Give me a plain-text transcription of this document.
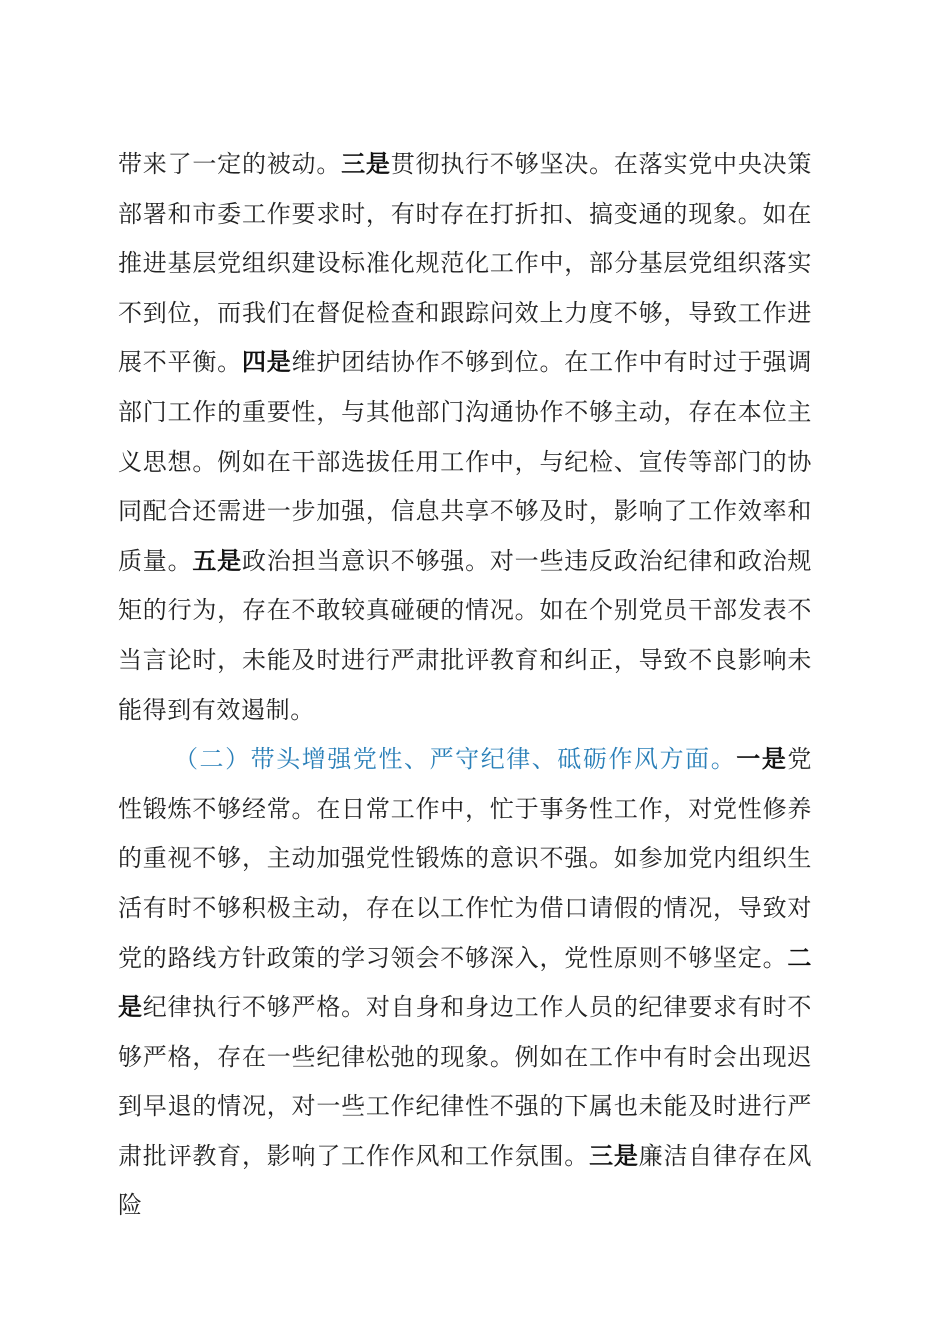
带来了一定的被动。三是贯彻执行不够坚决。在落实党中央决策部署和市委工作要求时，有时存在打折扣、搞变通的现象。如在推进基层党组织建设标准化规范化工作中，部分基层党组织落实不到位，而我们在督促检查和跟踪问效上力度不够，导致工作进展不平衡。四是维护团结协作不够到位。在工作中有时过于强调部门工作的重要性，与其他部门沟通协作不够主动，存在本位主义思想。例如在干部选拔任用工作中，与纪检、宣传等部门的协同配合还需进一步加强，信息共享不够及时，影响了工作效率和质量。五是政治担当意识不够强。对一些违反政治纪律和政治规矩的行为，存在不敢较真碰硬的情况。如在个别党员干部发表不当言论时，未能及时进行严肃批评教育和纠正，导致不良影响未能得到有效遏制。

（二）带头增强党性、严守纪律、砥砺作风方面。一是党性锻炼不够经常。在日常工作中，忙于事务性工作，对党性修养的重视不够，主动加强党性锻炼的意识不强。如参加党内组织生活有时不够积极主动，存在以工作忙为借口请假的情况，导致对党的路线方针政策的学习领会不够深入，党性原则不够坚定。二是纪律执行不够严格。对自身和身边工作人员的纪律要求有时不够严格，存在一些纪律松弛的现象。例如在工作中有时会出现迟到早退的情况，对一些工作纪律性不强的下属也未能及时进行严肃批评教育，影响了工作作风和工作氛围。三是廉洁自律存在风险
